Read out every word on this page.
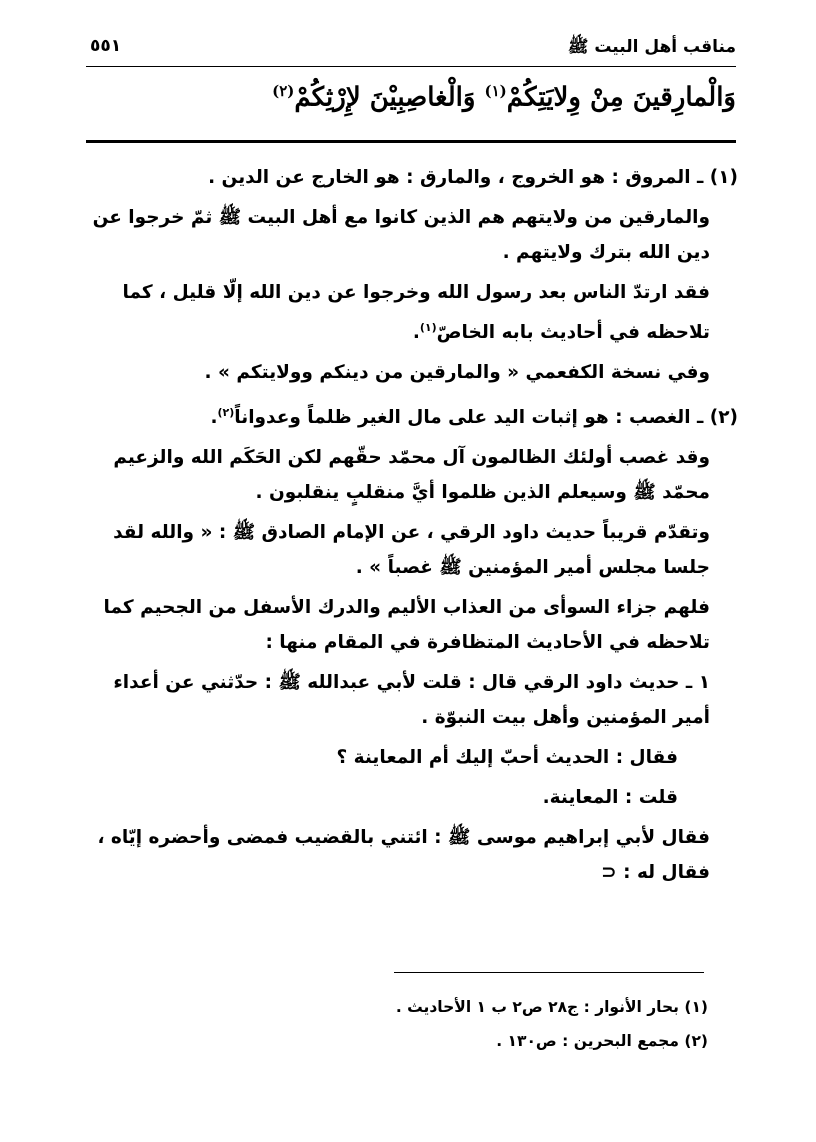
مناقب أهل البيت ﷺ
٥٥١
وَالْمارِقينَ مِنْ وِلايَتِكُمْ$^{(١)}$ وَالْغاصِبِيْنَ لإِرْثِكُمْ$^{(٢)}$
(١) ـ المروق : هو الخروج ، والمارق : هو الخارج عن الدين .
والمارقين من ولايتهم هم الذين كانوا مع أهل البيت ﷺ ثمّ خرجوا عن دين الله بترك ولايتهم .
فقد ارتدّ الناس بعد رسول الله وخرجوا عن دين الله إلّا قليل ، كما تلاحظه في أحاديث بابه الخاصّ$^{(١)}$.
وفي نسخة الكفعمي « والمارقين من دينكم وولايتكم » .
(٢) ـ الغصب : هو إثبات اليد على مال الغير ظلماً وعدواناً$^{(٢)}$.
وقد غصب أولئك الظالمون آل محمّد حقّهم لكن الحَكَم الله والزعيم محمّد ﷺ وسيعلم الذين ظلموا أيَّ منقلبٍ ينقلبون .
وتقدّم قريباً حديث داود الرقي ، عن الإمام الصادق ﷺ : « والله لقد جلسا مجلس أمير المؤمنين ﷺ غصباً » .
فلهم جزاء السوأى من العذاب الأليم والدرك الأسفل من الجحيم كما تلاحظه في الأحاديث المتظافرة في المقام منها :
١ ـ حديث داود الرقي قال : قلت لأبي عبدالله ﷺ : حدّثني عن أعداء أمير المؤمنين وأهل بيت النبوّة .
فقال : الحديث أحبّ إليك أم المعاينة ؟
قلت : المعاينة.
فقال لأبي إبراهيم موسى ﷺ : ائتني بالقضيب فمضى وأحضره إيّاه ، فقال له : ⊂
(١) بحار الأنوار : ج٢٨ ص٢ ب ١ الأحاديث .
(٢) مجمع البحرين : ص١٣٠ .
